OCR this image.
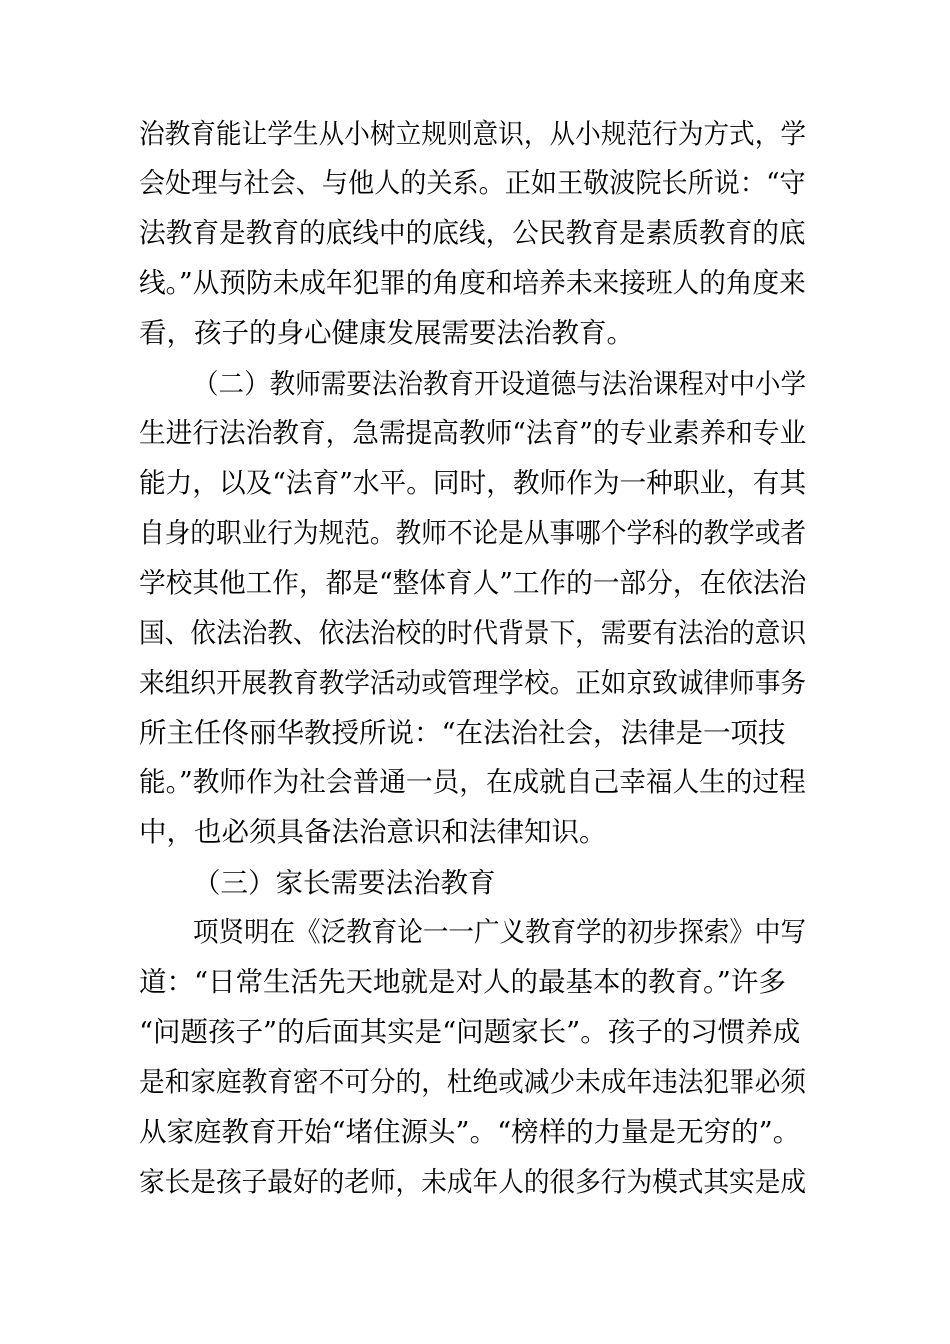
治教育能让学生从小树立规则意识，从小规范行为方式，学
会处理与社会、与他人的关系。正如王敬波院长所说：“守
法教育是教育的底线中的底线，公民教育是素质教育的底
线。”从预防未成年犯罪的角度和培养未来接班人的角度来
看，孩子的身心健康发展需要法治教育。
（二）教师需要法治教育开设道德与法治课程对中小学
生进行法治教育，急需提高教师“法育”的专业素养和专业
能力，以及“法育”水平。同时，教师作为一种职业，有其
自身的职业行为规范。教师不论是从事哪个学科的教学或者
学校其他工作，都是“整体育人”工作的一部分，在依法治
国、依法治教、依法治校的时代背景下，需要有法治的意识
来组织开展教育教学活动或管理学校。正如京致诚律师事务
所主任佟丽华教授所说：“在法治社会，法律是一项技
能。”教师作为社会普通一员，在成就自己幸福人生的过程
中，也必须具备法治意识和法律知识。
（三）家长需要法治教育
项贤明在《泛教育论一一广义教育学的初步探索》中写
道：“日常生活先天地就是对人的最基本的教育。”许多
“问题孩子”的后面其实是“问题家长”。孩子的习惯养成
是和家庭教育密不可分的，杜绝或减少未成年违法犯罪必须
从家庭教育开始“堵住源头”。“榜样的力量是无穷的”。
家长是孩子最好的老师，未成年人的很多行为模式其实是成
